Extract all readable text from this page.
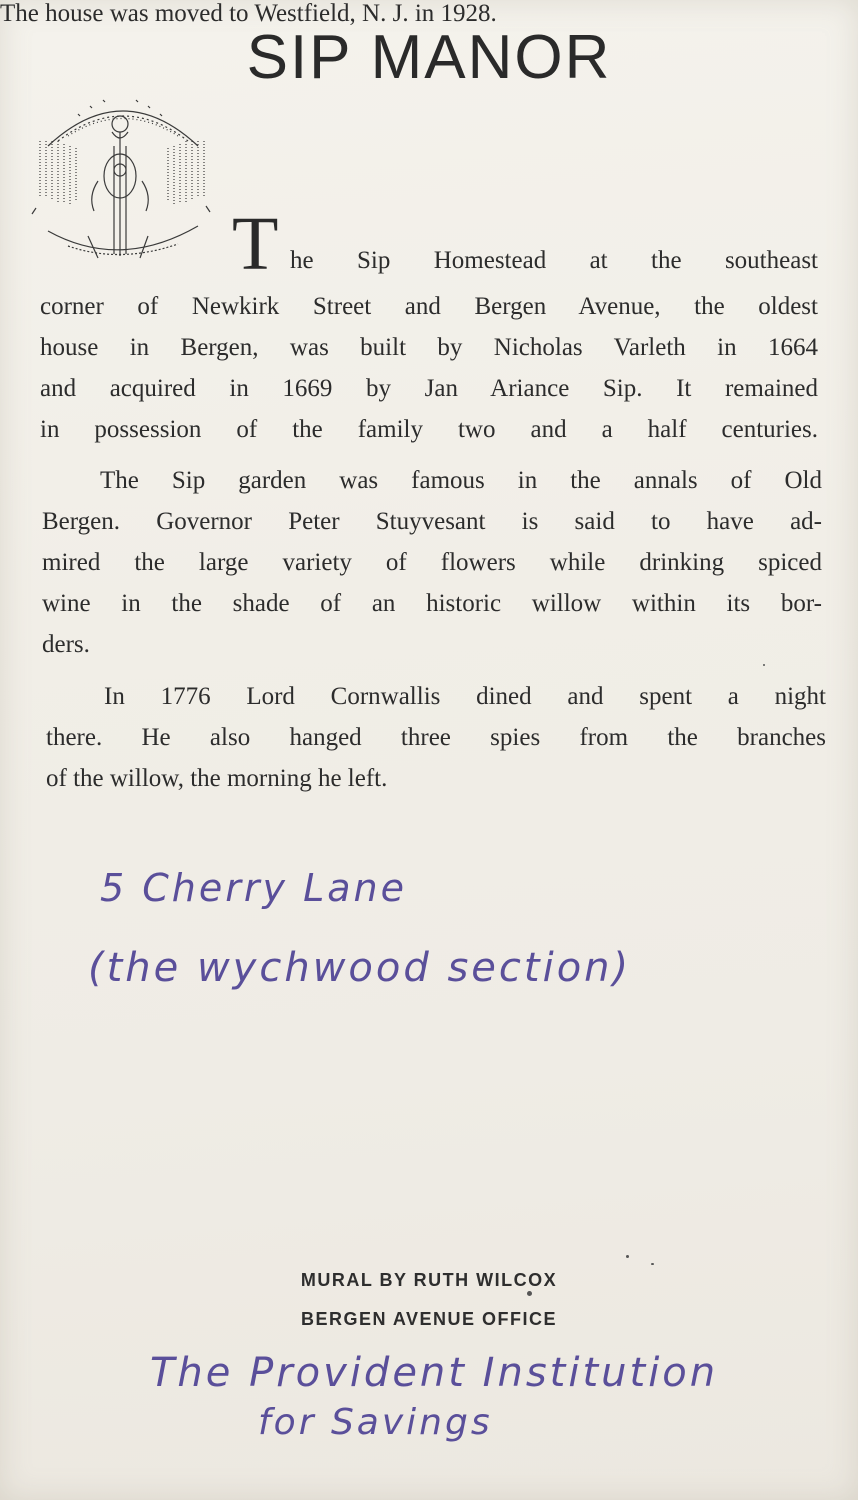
SIP MANOR
T he Sip Homestead at the southeast
corner of Newkirk Street and Bergen Avenue, the oldest
house in Bergen, was built by Nicholas Varleth in 1664
and acquired in 1669 by Jan Ariance Sip. It remained
in possession of the family two and a half centuries.
The Sip garden was famous in the annals of Old
Bergen. Governor Peter Stuyvesant is said to have ad-
mired the large variety of flowers while drinking spiced
wine in the shade of an historic willow within its bor-
ders.
In 1776 Lord Cornwallis dined and spent a night
there. He also hanged three spies from the branches
of the willow, the morning he left.
The house was moved to Westfield, N. J. in 1928.
5 Cherry Lane
(the wychwood section)
MURAL BY RUTH WILCOX
BERGEN AVENUE OFFICE
The Provident Institution
for Savings
